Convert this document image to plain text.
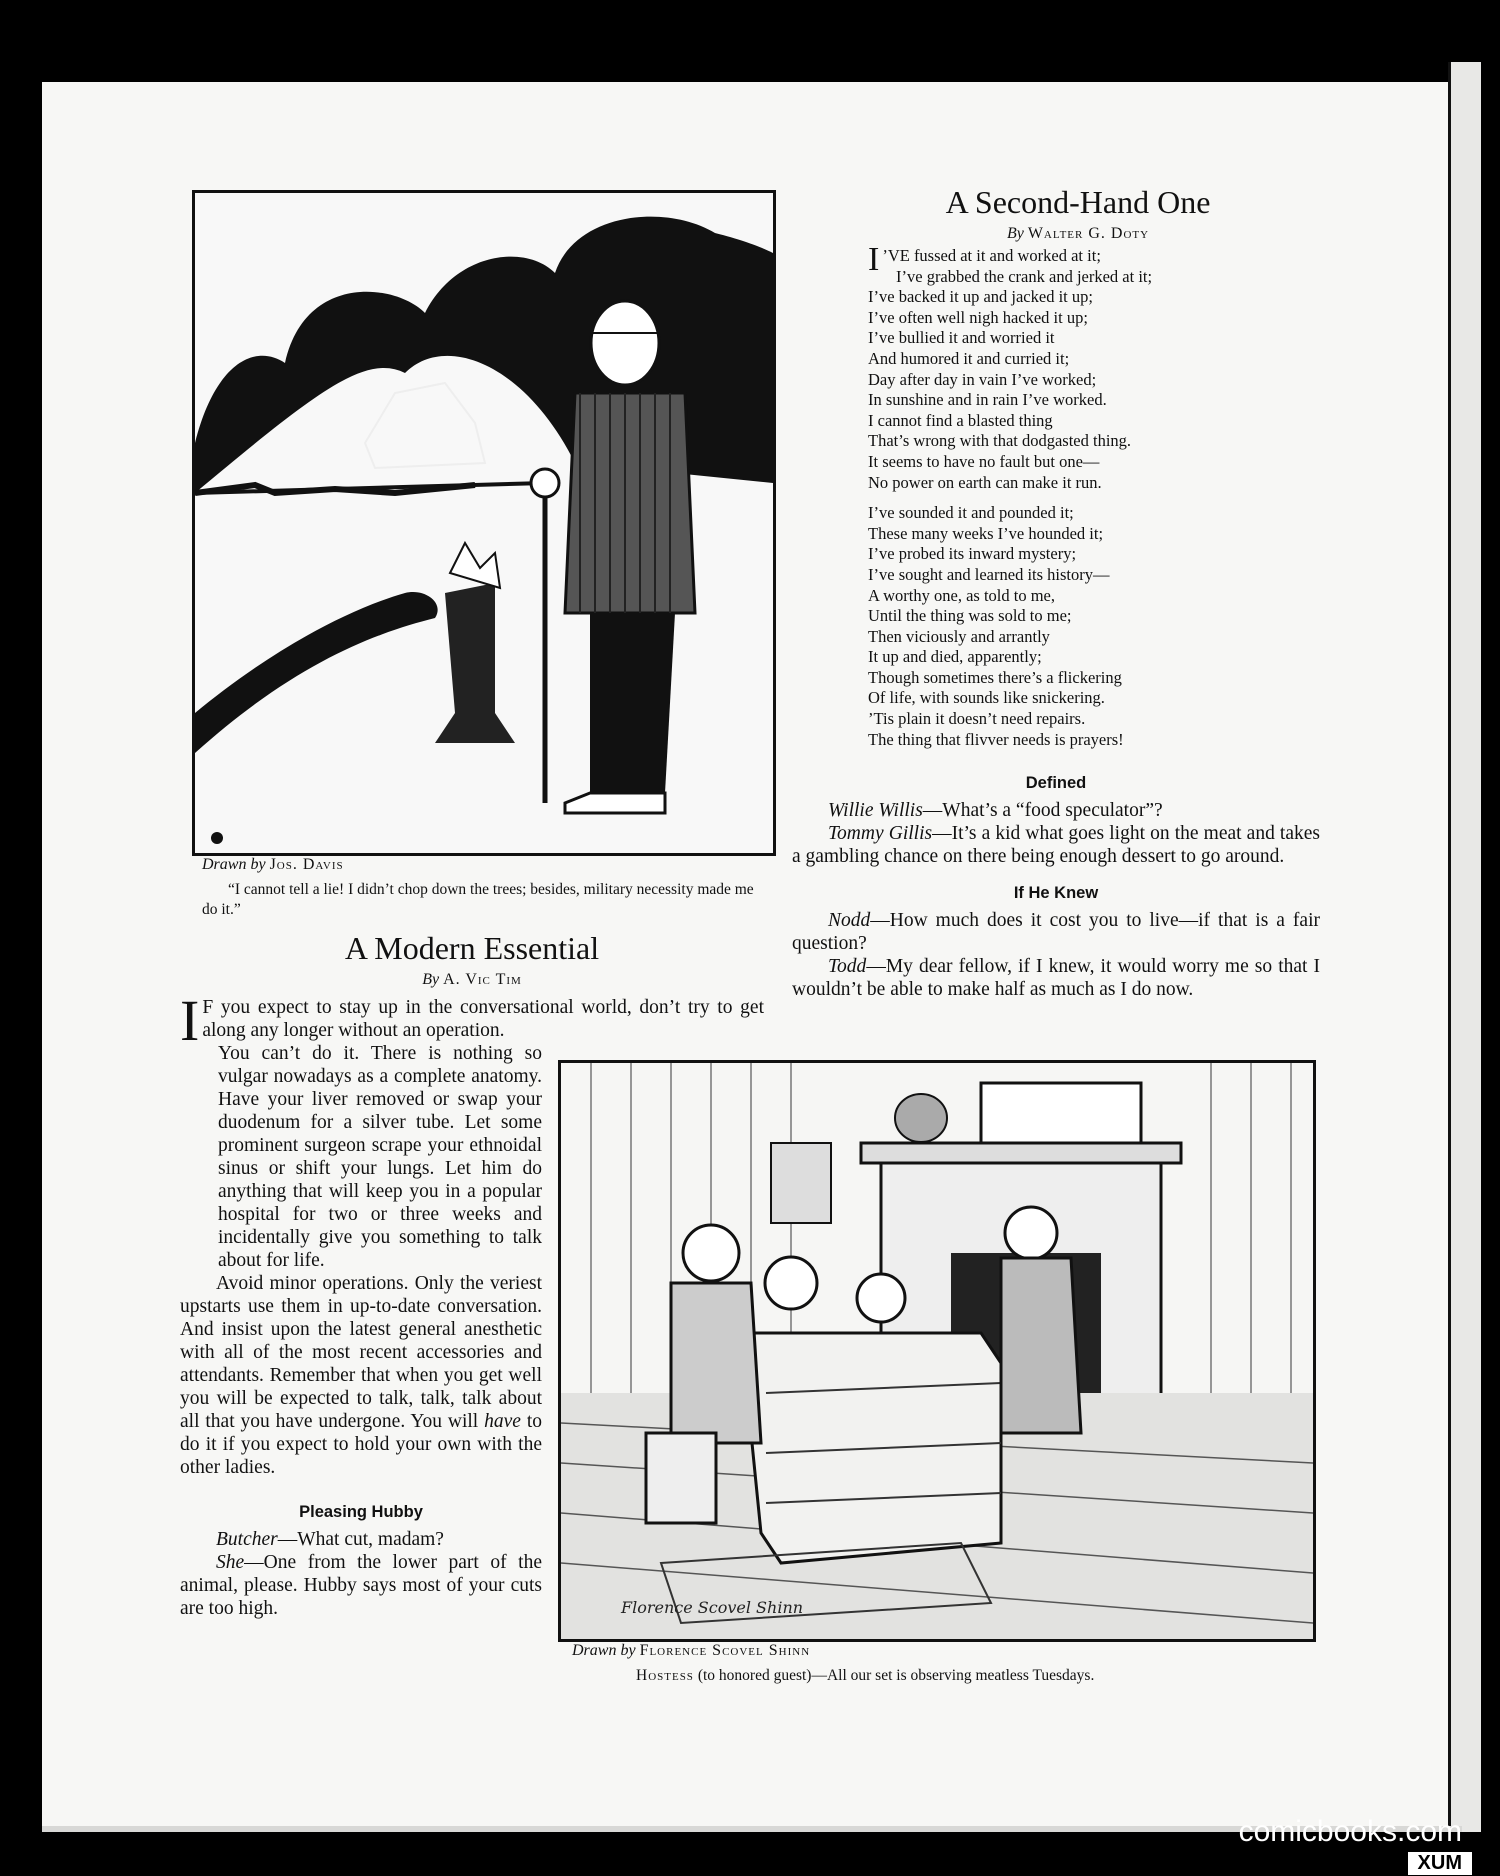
Drawn by Jos. Davis
“I cannot tell a lie! I didn’t chop down the trees; besides, military necessity made me do it.”
A Second-Hand One
By Walter G. Doty
I ’VE fussed at it and worked at it;
I’ve grabbed the crank and jerked at it;
I’ve backed it up and jacked it up;
I’ve often well nigh hacked it up;
I’ve bullied it and worried it
And humored it and curried it;
Day after day in vain I’ve worked;
In sunshine and in rain I’ve worked.
I cannot find a blasted thing
That’s wrong with that dodgasted thing.
It seems to have no fault but one—
No power on earth can make it run.
I’ve sounded it and pounded it;
These many weeks I’ve hounded it;
I’ve probed its inward mystery;
I’ve sought and learned its history—
A worthy one, as told to me,
Until the thing was sold to me;
Then viciously and arrantly
It up and died, apparently;
Though sometimes there’s a flickering
Of life, with sounds like snickering.
’Tis plain it doesn’t need repairs.
The thing that flivver needs is prayers!
Defined
Willie Willis—What’s a “food speculator”?
Tommy Gillis—It’s a kid what goes light on the meat and takes a gambling chance on there being enough dessert to go around.
If He Knew
Nodd—How much does it cost you to live—if that is a fair question?
Todd—My dear fellow, if I knew, it would worry me so that I wouldn’t be able to make half as much as I do now.
A Modern Essential
By A. Vic Tim
I F you expect to stay up in the conversational world, don’t try to get along any longer without an operation.
You can’t do it. There is nothing so vulgar nowadays as a complete anatomy. Have your liver removed or swap your duodenum for a silver tube. Let some prominent surgeon scrape your ethnoidal sinus or shift your lungs. Let him do anything that will keep you in a popular hospital for two or three weeks and incidentally give you something to talk about for life.
Avoid minor operations. Only the veriest upstarts use them in up-to-date conversation. And insist upon the latest general anesthetic with all of the most recent accessories and attendants. Remember that when you get well you will be expected to talk, talk, talk about all that you have undergone. You will have to do it if you expect to hold your own with the other ladies.
Pleasing Hubby
Butcher—What cut, madam?
She—One from the lower part of the animal, please. Hubby says most of your cuts are too high.	Florence Scovel Shinn
Drawn by Florence Scovel Shinn
Hostess (to honored guest)—All our set is observing meatless Tuesdays.
comicbooks.com
XUM
